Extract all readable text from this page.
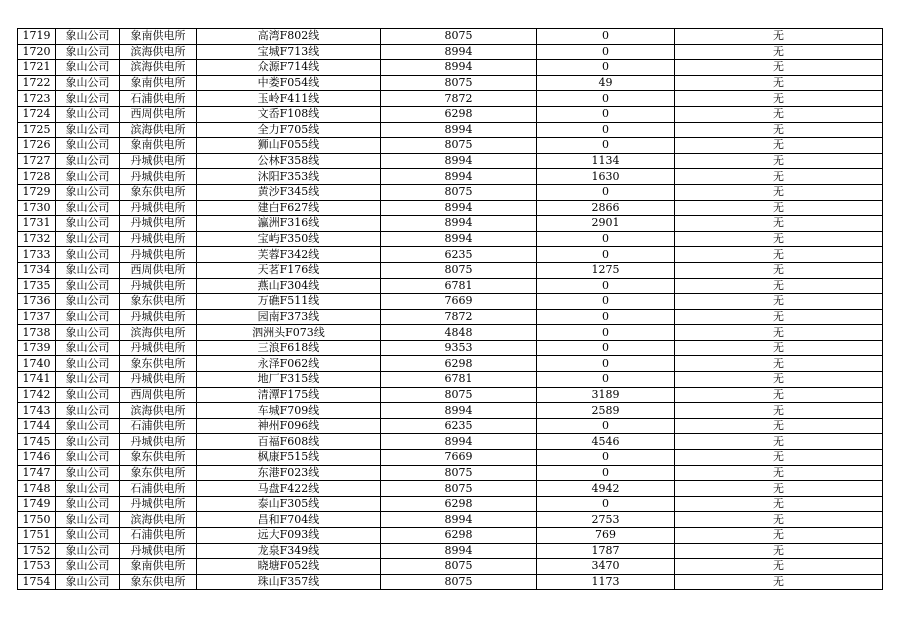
1719	象山公司	象南供电所	高湾F802线	8075	0	无
1720	象山公司	滨海供电所	宝城F713线	8994	0	无
1721	象山公司	滨海供电所	众源F714线	8994	0	无
1722	象山公司	象南供电所	中娄F054线	8075	49	无
1723	象山公司	石浦供电所	玉岭F411线	7872	0	无
1724	象山公司	西周供电所	文岙F108线	6298	0	无
1725	象山公司	滨海供电所	全力F705线	8994	0	无
1726	象山公司	象南供电所	狮山F055线	8075	0	无
1727	象山公司	丹城供电所	公林F358线	8994	1134	无
1728	象山公司	丹城供电所	沐阳F353线	8994	1630	无
1729	象山公司	象东供电所	黄沙F345线	8075	0	无
1730	象山公司	丹城供电所	建白F627线	8994	2866	无
1731	象山公司	丹城供电所	瀛洲F316线	8994	2901	无
1732	象山公司	丹城供电所	宝屿F350线	8994	0	无
1733	象山公司	丹城供电所	芙蓉F342线	6235	0	无
1734	象山公司	西周供电所	天茗F176线	8075	1275	无
1735	象山公司	丹城供电所	燕山F304线	6781	0	无
1736	象山公司	象东供电所	万礁F511线	7669	0	无
1737	象山公司	丹城供电所	园南F373线	7872	0	无
1738	象山公司	滨海供电所	泗洲头F073线	4848	0	无
1739	象山公司	丹城供电所	三浪F618线	9353	0	无
1740	象山公司	象东供电所	永泽F062线	6298	0	无
1741	象山公司	丹城供电所	地厂F315线	6781	0	无
1742	象山公司	西周供电所	清潭F175线	8075	3189	无
1743	象山公司	滨海供电所	车城F709线	8994	2589	无
1744	象山公司	石浦供电所	神州F096线	6235	0	无
1745	象山公司	丹城供电所	百福F608线	8994	4546	无
1746	象山公司	象东供电所	枫康F515线	7669	0	无
1747	象山公司	象东供电所	东港F023线	8075	0	无
1748	象山公司	石浦供电所	马盘F422线	8075	4942	无
1749	象山公司	丹城供电所	泰山F305线	6298	0	无
1750	象山公司	滨海供电所	昌和F704线	8994	2753	无
1751	象山公司	石浦供电所	远大F093线	6298	769	无
1752	象山公司	丹城供电所	龙泉F349线	8994	1787	无
1753	象山公司	象南供电所	晓塘F052线	8075	3470	无
1754	象山公司	象东供电所	珠山F357线	8075	1173	无
